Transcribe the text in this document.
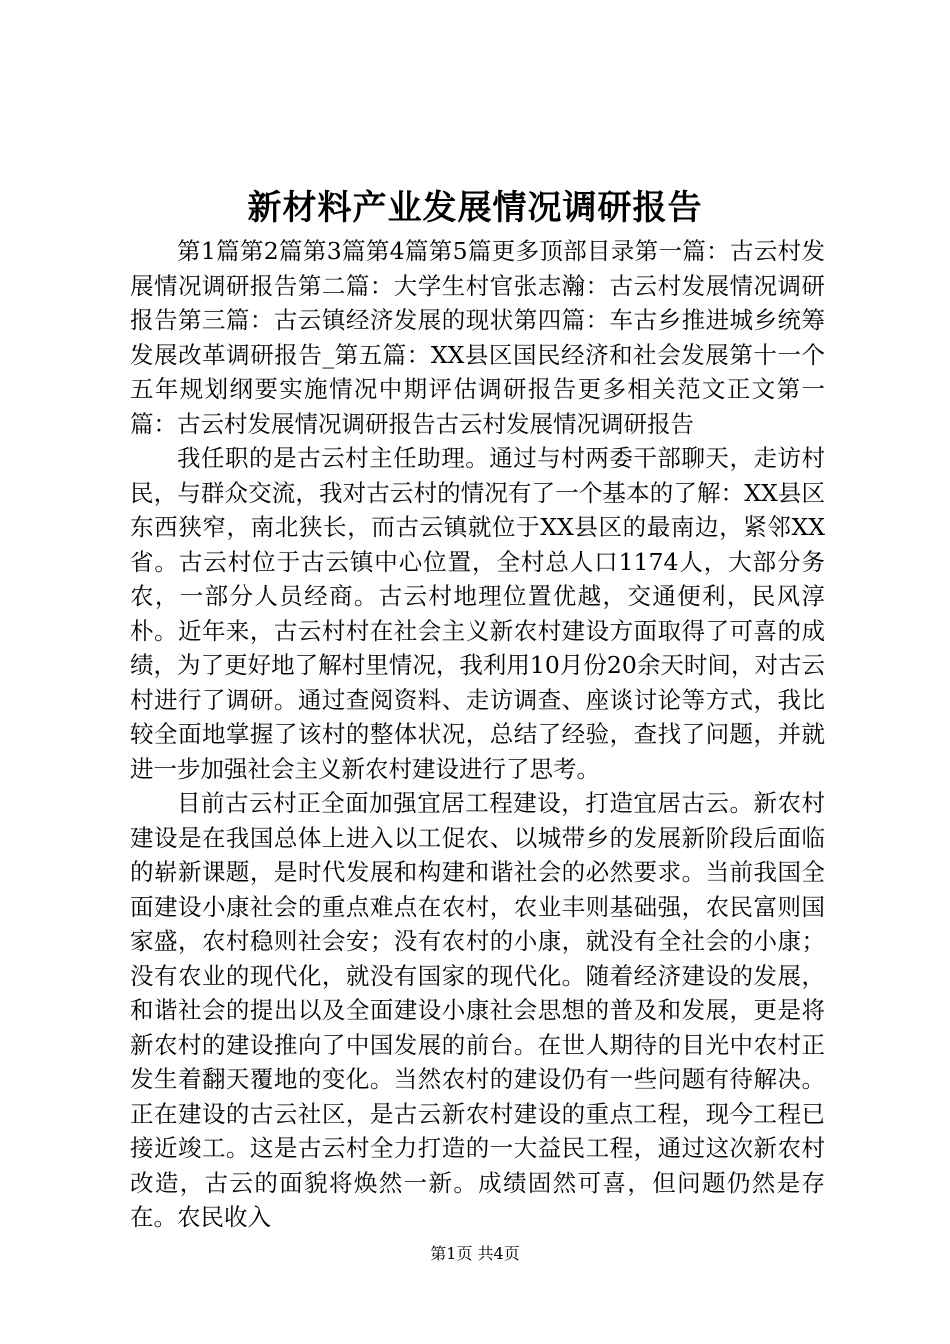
新材料产业发展情况调研报告

第1篇第2篇第3篇第4篇第5篇更多顶部目录第一篇：古云村发展情况调研报告第二篇：大学生村官张志瀚：古云村发展情况调研报告第三篇：古云镇经济发展的现状第四篇：车古乡推进城乡统筹发展改革调研报告_第五篇：XX县区国民经济和社会发展第十一个五年规划纲要实施情况中期评估调研报告更多相关范文正文第一篇：古云村发展情况调研报告古云村发展情况调研报告

我任职的是古云村主任助理。通过与村两委干部聊天，走访村民，与群众交流，我对古云村的情况有了一个基本的了解：XX县区东西狭窄，南北狭长，而古云镇就位于XX县区的最南边，紧邻XX省。古云村位于古云镇中心位置，全村总人口1174人，大部分务农，一部分人员经商。古云村地理位置优越，交通便利，民风淳朴。近年来，古云村村在社会主义新农村建设方面取得了可喜的成绩，为了更好地了解村里情况，我利用10月份20余天时间，对古云村进行了调研。通过查阅资料、走访调查、座谈讨论等方式，我比较全面地掌握了该村的整体状况，总结了经验，查找了问题，并就进一步加强社会主义新农村建设进行了思考。

目前古云村正全面加强宜居工程建设，打造宜居古云。新农村建设是在我国总体上进入以工促农、以城带乡的发展新阶段后面临的崭新课题，是时代发展和构建和谐社会的必然要求。当前我国全面建设小康社会的重点难点在农村，农业丰则基础强，农民富则国家盛，农村稳则社会安；没有农村的小康，就没有全社会的小康；没有农业的现代化，就没有国家的现代化。随着经济建设的发展，和谐社会的提出以及全面建设小康社会思想的普及和发展，更是将新农村的建设推向了中国发展的前台。在世人期待的目光中农村正发生着翻天覆地的变化。当然农村的建设仍有一些问题有待解决。正在建设的古云社区，是古云新农村建设的重点工程，现今工程已接近竣工。这是古云村全力打造的一大益民工程，通过这次新农村改造，古云的面貌将焕然一新。成绩固然可喜，但问题仍然是存在。农民收入

第1页 共4页
